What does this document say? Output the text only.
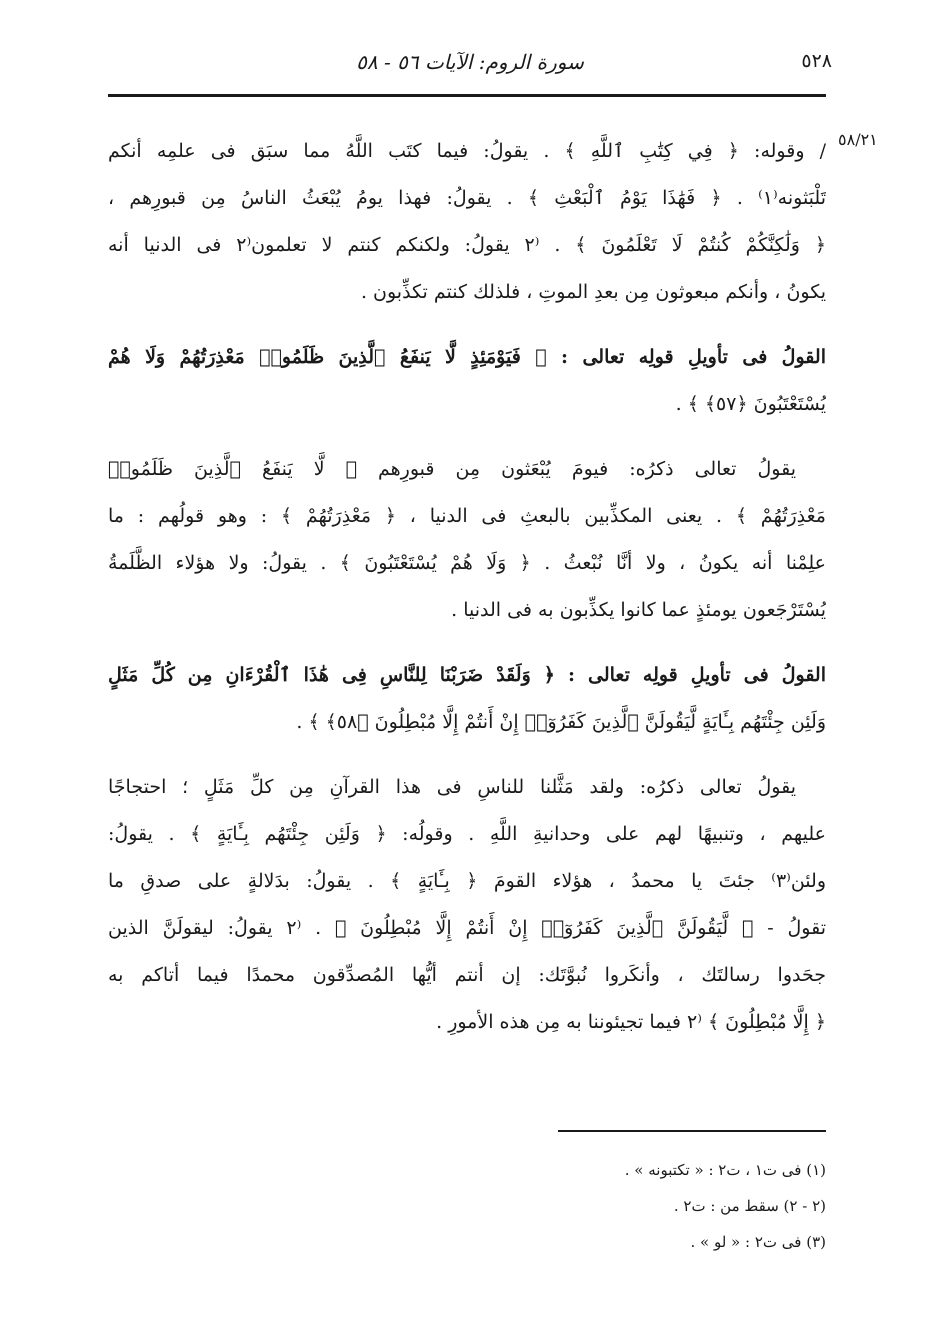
٥٢٨
سورة الروم: الآيات ٥٦ - ٥٨
٥٨/٢١
/ وقوله: ﴿ فِي كِتَٰبِ ٱللَّهِ ﴾ . يقولُ: فيما كتَب اللَّهُ مما سبَق فى علمِه أنكم
تَلْبَثونه⁽١⁾ . ﴿ فَهَٰذَا يَوْمُ ٱلْبَعْثِ ﴾ . يقولُ: فهذا يومُ يُبْعَثُ الناسُ مِن قبورِهم ،
﴿ وَلَٰكِنَّكُمْ كُنتُمْ لَا تَعْلَمُونَ ﴾ . ⁽٢ يقولُ: ولكنكم كنتم لا تعلمون⁽٢ فى الدنيا أنه
يكونُ ، وأنكم مبعوثون مِن بعدِ الموتِ ، فلذلك كنتم تكذِّبون .
القولُ فى تأويلِ قولِه تعالى : ﴿ فَيَوْمَئِذٍ لَّا يَنفَعُ ٱلَّذِينَ ظَلَمُوا۟ مَعْذِرَتُهُمْ وَلَا هُمْ
يُسْتَعْتَبُونَ ﴿٥٧﴾ ﴾ .
يقولُ تعالى ذكرُه: فيومَ يُبْعَثون مِن قبورِهم ﴿ لَّا يَنفَعُ ٱلَّذِينَ ظَلَمُوا۟
مَعْذِرَتُهُمْ ﴾ . يعنى المكذِّبين بالبعثِ فى الدنيا ، ﴿ مَعْذِرَتُهُمْ ﴾ : وهو قولُهم : ما
علِمْنا أنه يكونُ ، ولا أنَّا نُبْعثُ . ﴿ وَلَا هُمْ يُسْتَعْتَبُونَ ﴾ . يقولُ: ولا هؤلاء الظَّلَمةُ
يُسْتَرْجَعون يومئذٍ عما كانوا يكذِّبون به فى الدنيا .
القولُ فى تأويلِ قولِه تعالى : ﴿ وَلَقَدْ ضَرَبْنَا لِلنَّاسِ فِى هَٰذَا ٱلْقُرْءَانِ مِن كُلِّ مَثَلٍ
وَلَئِن جِئْتَهُم بِـَٔايَةٍ لَّيَقُولَنَّ ٱلَّذِينَ كَفَرُوٓا۟ إِنْ أَنتُمْ إِلَّا مُبْطِلُونَ ﴿٥٨﴾ ﴾ .
يقولُ تعالى ذكرُه: ولقد مَثَّلنا للناسِ فى هذا القرآنِ مِن كلِّ مَثَلٍ ؛ احتجاجًا
عليهم ، وتنبيهًا لهم على وحدانيةِ اللَّهِ . وقولُه: ﴿ وَلَئِن جِئْتَهُم بِـَٔايَةٍ ﴾ . يقولُ:
ولئن⁽٣⁾ جئتَ يا محمدُ ، هؤلاء القومَ ﴿ بِـَٔايَةٍ ﴾ . يقولُ: بدَلالةٍ على صدقِ ما
تقولُ - ﴿ لَّيَقُولَنَّ ٱلَّذِينَ كَفَرُوٓا۟ إِنْ أَنتُمْ إِلَّا مُبْطِلُونَ ﴾ . ⁽٢ يقولُ: ليقولَنَّ الذين
جحَدوا رسالتَك ، وأنكَروا نُبوَّتَك: إن أنتم أيُّها المُصدِّقون محمدًا فيما أتاكم به
﴿ إِلَّا مُبْطِلُونَ ﴾ ⁽٢ فيما تجيئوننا به مِن هذه الأمورِ .
(١) فى ت١ ، ت٢ : « تكتبونه » .
(٢ - ٢) سقط من : ت٢ .
(٣) فى ت٢ : « لو » .
